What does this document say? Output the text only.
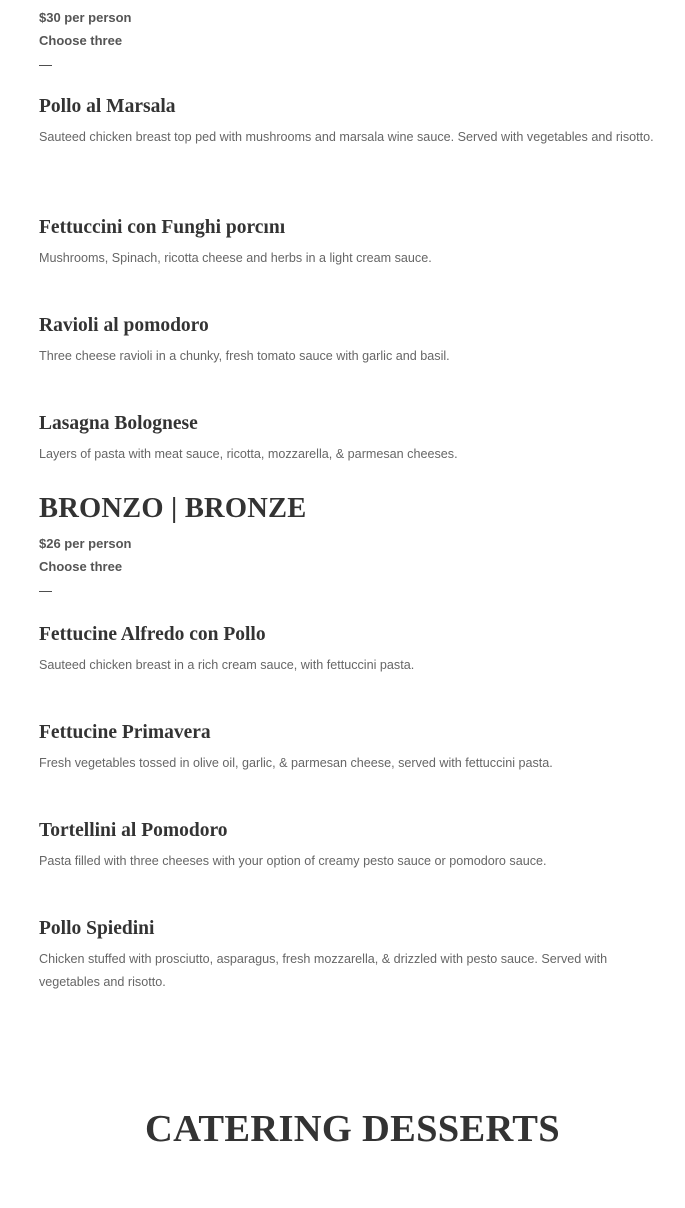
$30 per person

Choose three

—
Pollo al Marsala

Sauteed chicken breast top ped with mushrooms and marsala wine sauce. Served with vegetables and risotto.

Fettuccini con Funghi porcını

Mushrooms, Spinach, ricotta cheese and herbs in a light cream sauce.

Ravioli al pomodoro

Three cheese ravioli in a chunky, fresh tomato sauce with garlic and basil.

Lasagna Bolognese

Layers of pasta with meat sauce, ricotta, mozzarella, & parmesan cheeses.

BRONZO | BRONZE

$26 per person

Choose three

—
Fettucine Alfredo con Pollo

Sauteed chicken breast in a rich cream sauce, with fettuccini pasta.

Fettucine Primavera

Fresh vegetables tossed in olive oil, garlic, & parmesan cheese, served with fettuccini pasta.

Tortellini al Pomodoro

Pasta filled with three cheeses with your option of creamy pesto sauce or pomodoro sauce.

Pollo Spiedini

Chicken stuffed with prosciutto, asparagus, fresh mozzarella, & drizzled with pesto sauce. Served with vegetables and risotto.

CATERING DESSERTS
